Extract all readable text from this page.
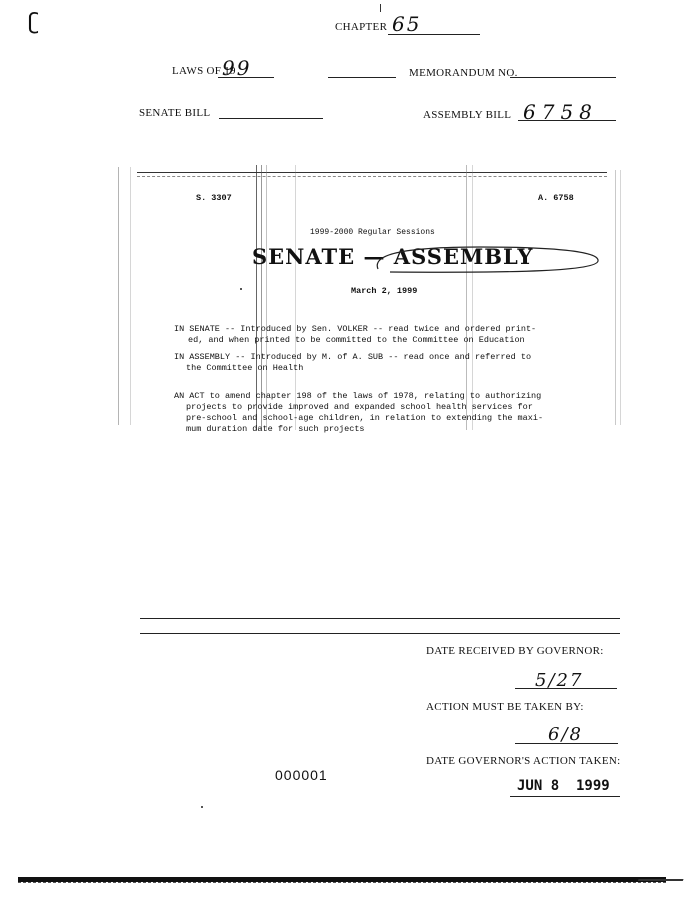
ʗ	CHAPTER 65
LAWS OF 19
99	MEMORANDUM NO.
SENATE BILL	ASSEMBLY BILL 6758
S. 3307	A. 6758
1999-2000 Regular Sessions
SENATE — ASSEMBLY
March 2, 1999
IN SENATE -- Introduced by Sen. VOLKER -- read twice and ordered print-
ed, and when printed to be committed to the Committee on Education
IN ASSEMBLY -- Introduced by M. of A. SUB -- read once and referred to
the Committee on Health
AN ACT to amend chapter 198 of the laws of 1978, relating to authorizing
projects to provide improved and expanded school health services for
pre-school and school-age children, in relation to extending the maxi-
mum duration date for such projects
DATE RECEIVED BY GOVERNOR:
5/27
ACTION MUST BE TAKEN BY:
6/8
DATE GOVERNOR'S ACTION TAKEN:
JUN 8  1999
000001
